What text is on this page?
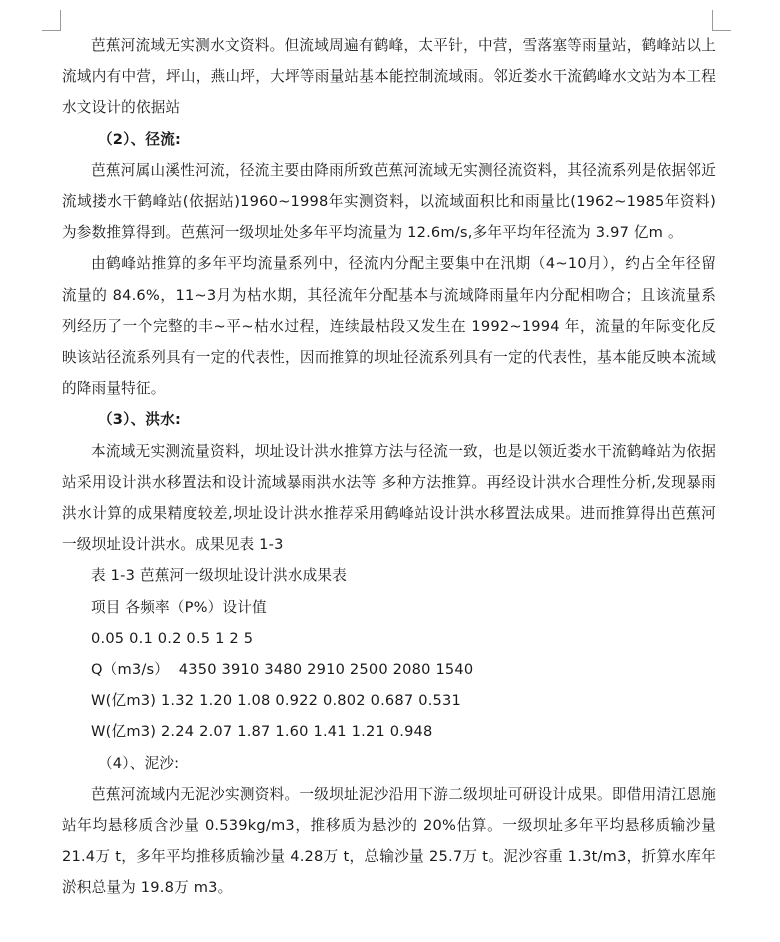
芭蕉河流域无实测水文资料。但流域周遍有鹤峰，太平针，中营，雪落塞等雨量站，鹤峰站以上流域内有中营，坪山，燕山坪，大坪等雨量站基本能控制流域雨。邻近娄水干流鹤峰水文站为本工程水文设计的依据站

（2）、径流:

芭蕉河属山溪性河流，径流主要由降雨所致芭蕉河流域无实测径流资料，其径流系列是依据邻近流域搂水干鹤峰站(依据站)1960~1998年实测资料，以流域面积比和雨量比(1962~1985年资料)为参数推算得到。芭蕉河一级坝址处多年平均流量为 12.6m/s,多年平均年径流为 3.97 亿m 。

由鹤峰站推算的多年平均流量系列中，径流内分配主要集中在汛期（4~10月），约占全年径留流量的 84.6%，11~3月为枯水期，其径流年分配基本与流域降雨量年内分配相吻合；且该流量系列经历了一个完整的丰~平~枯水过程，连续最枯段又发生在 1992~1994 年，流量的年际变化反映该站径流系列具有一定的代表性，因而推算的坝址径流系列具有一定的代表性，基本能反映本流域的降雨量特征。

（3）、洪水:

本流域无实测流量资料，坝址设计洪水推算方法与径流一致，也是以领近娄水干流鹤峰站为依据站采用设计洪水移置法和设计流域暴雨洪水法等 多种方法推算。再经设计洪水合理性分析,发现暴雨洪水计算的成果精度较差,坝址设计洪水推荐采用鹤峰站设计洪水移置法成果。进而推算得出芭蕉河一级坝址设计洪水。成果见表 1-3

表 1-3 芭蕉河一级坝址设计洪水成果表

项目 各频率（P%）设计值

0.05 0.1 0.2 0.5 1 2 5

Q（m3/s）  4350 3910 3480 2910 2500 2080 1540

W(亿m3) 1.32 1.20 1.08 0.922 0.802 0.687 0.531

W(亿m3) 2.24 2.07 1.87 1.60 1.41 1.21 0.948

（4）、泥沙:

芭蕉河流域内无泥沙实测资料。一级坝址泥沙沿用下游二级坝址可研设计成果。即借用清江恩施站年均悬移质含沙量 0.539kg/m3，推移质为悬沙的 20%估算。一级坝址多年平均悬移质输沙量 21.4万 t，多年平均推移质输沙量 4.28万 t，总输沙量 25.7万 t。泥沙容重 1.3t/m3，折算水库年淤积总量为 19.8万 m3。
